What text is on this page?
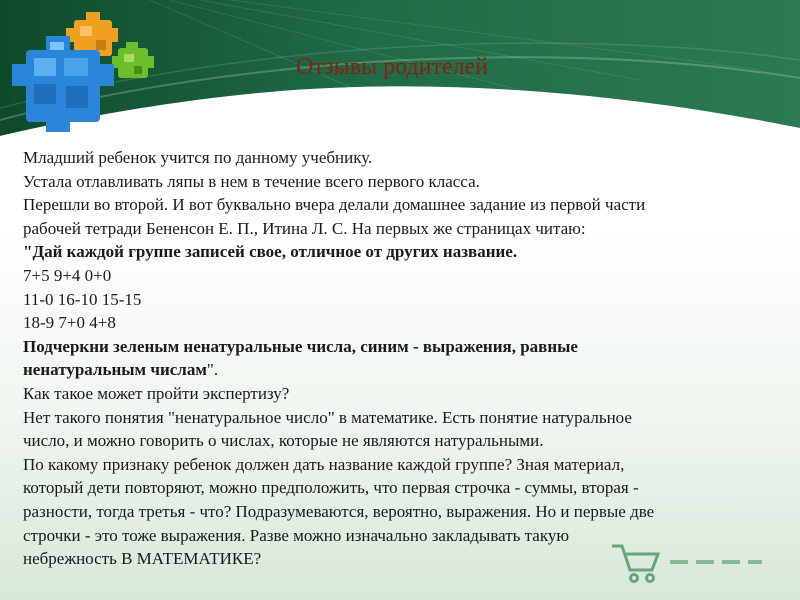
Отзывы родителей

Младший ребенок учится по данному учебнику.

Устала отлавливать ляпы в нем в течение всего первого класса.

Перешли во второй. И вот буквально вчера делали домашнее задание из первой части

рабочей тетради Бененсон Е. П., Итина Л. С. На первых же страницах читаю:

"Дай каждой группе записей свое, отличное от других название.

7+5 9+4 0+0

11-0 16-10 15-15

18-9 7+0 4+8

Подчеркни зеленым ненатуральные числа, синим - выражения, равные

ненатуральным числам".

Как такое может пройти экспертизу?

Нет такого понятия "ненатуральное число" в математике. Есть понятие натуральное

число, и можно говорить о числах, которые не являются натуральными.

По какому признаку ребенок должен дать название каждой группе? Зная материал,

который дети повторяют, можно предположить, что первая строчка - суммы, вторая -

разности, тогда третья - что? Подразумеваются, вероятно, выражения. Но и первые две

строчки - это тоже выражения. Разве можно изначально закладывать такую

небрежность В МАТЕМАТИКЕ?
